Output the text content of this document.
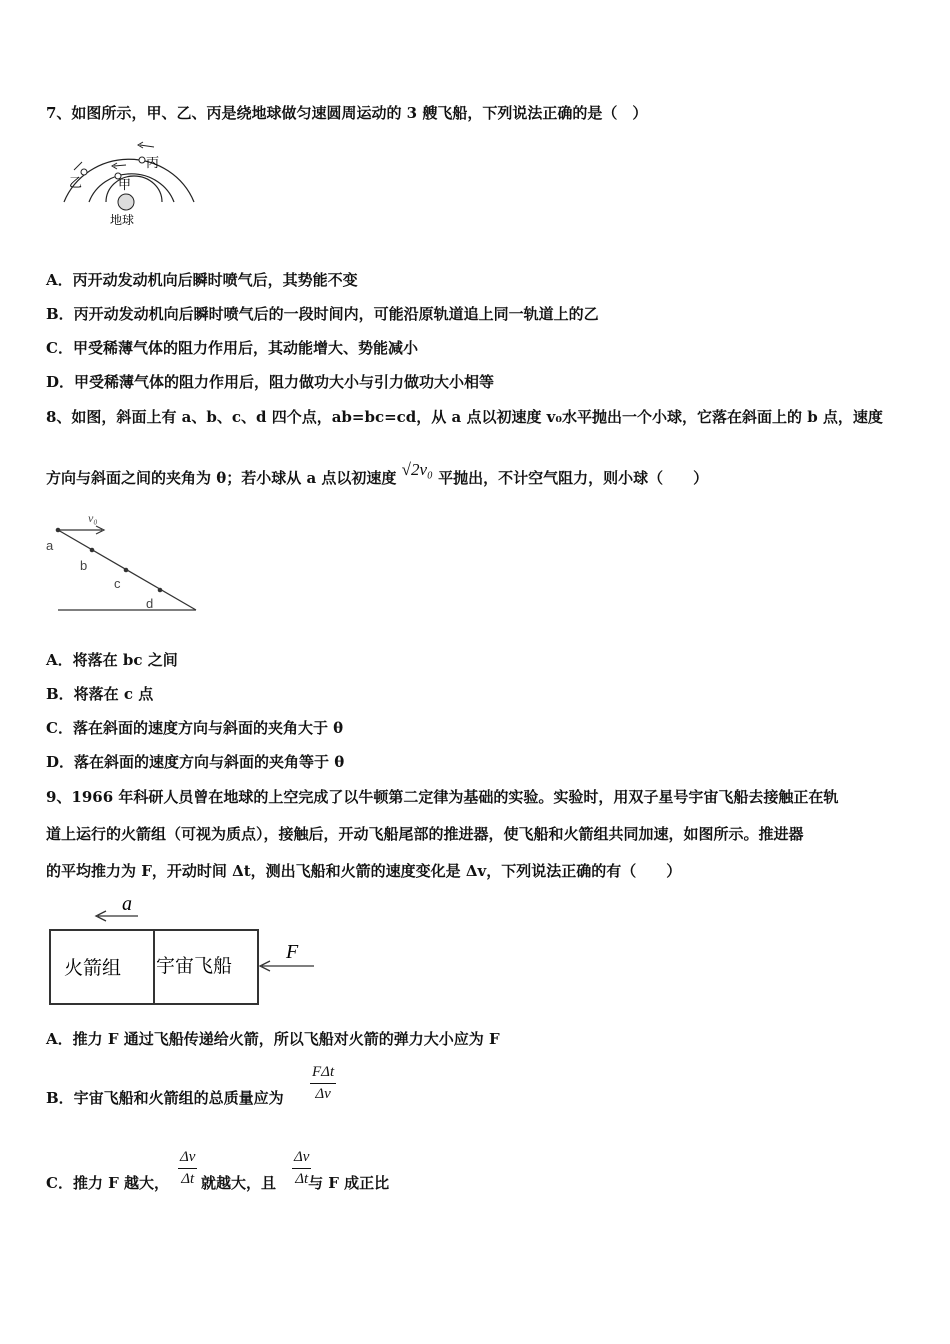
7、如图所示，甲、乙、丙是绕地球做匀速圆周运动的 3 艘飞船，下列说法正确的是（　）
丙
甲
乙
地球
A．丙开动发动机向后瞬时喷气后，其势能不变
B．丙开动发动机向后瞬时喷气后的一段时间内，可能沿原轨道追上同一轨道上的乙
C．甲受稀薄气体的阻力作用后，其动能增大、势能减小
D．甲受稀薄气体的阻力作用后，阻力做功大小与引力做功大小相等
8、如图，斜面上有 a、b、c、d 四个点，ab=bc=cd，从 a 点以初速度 v₀水平抛出一个小球，它落在斜面上的 b 点，速度
方向与斜面之间的夹角为 θ；若小球从 a 点以初速度 √2v₀ 平抛出，不计空气阻力，则小球（　　）
v₀
a
b
c
d
A．将落在 bc 之间
B．将落在 c 点
C．落在斜面的速度方向与斜面的夹角大于 θ
D．落在斜面的速度方向与斜面的夹角等于 θ
9、1966 年科研人员曾在地球的上空完成了以牛顿第二定律为基础的实验。实验时，用双子星号宇宙飞船去接触正在轨
道上运行的火箭组（可视为质点），接触后，开动飞船尾部的推进器，使飞船和火箭组共同加速，如图所示。推进器
的平均推力为 F，开动时间 Δt，测出飞船和火箭的速度变化是 Δv，下列说法正确的有（　　）
a
火箭组 宇宙飞船
F
A．推力 F 通过飞船传递给火箭，所以飞船对火箭的弹力大小应为 F
B．宇宙飞船和火箭组的总质量应为
FΔt
Δv
C．推力 F 越大， 就越大，且 与 F 成正比
$\frac{\Delta v}{\Delta t}$	$\frac{\Delta v}{\Delta t}$
